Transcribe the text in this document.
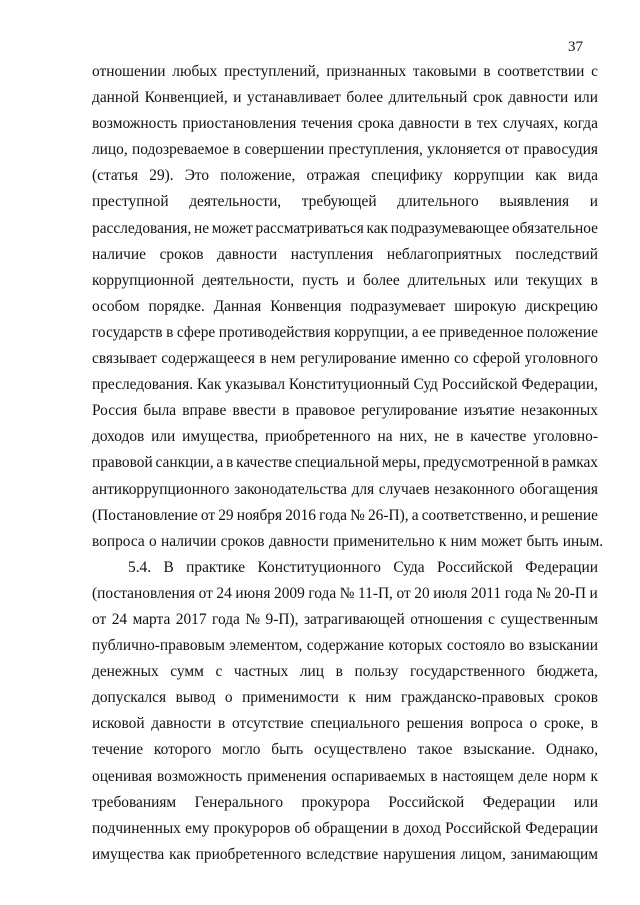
37
отношении любых преступлений, признанных таковыми в соответствии с
данной Конвенцией, и устанавливает более длительный срок давности или
возможность приостановления течения срока давности в тех случаях, когда
лицо, подозреваемое в совершении преступления, уклоняется от правосудия
(статья 29). Это положение, отражая специфику коррупции как вида
преступной деятельности, требующей длительного выявления и
расследования, не может рассматриваться как подразумевающее обязательное
наличие сроков давности наступления неблагоприятных последствий
коррупционной деятельности, пусть и более длительных или текущих в
особом порядке. Данная Конвенция подразумевает широкую дискрецию
государств в сфере противодействия коррупции, а ее приведенное положение
связывает содержащееся в нем регулирование именно со сферой уголовного
преследования. Как указывал Конституционный Суд Российской Федерации,
Россия была вправе ввести в правовое регулирование изъятие незаконных
доходов или имущества, приобретенного на них, не в качестве уголовно-
правовой санкции, а в качестве специальной меры, предусмотренной в рамках
антикоррупционного законодательства для случаев незаконного обогащения
(Постановление от 29 ноября 2016 года № 26-П), а соответственно, и решение
вопроса о наличии сроков давности применительно к ним может быть иным.
5.4. В практике Конституционного Суда Российской Федерации
(постановления от 24 июня 2009 года № 11-П, от 20 июля 2011 года № 20-П и
от 24 марта 2017 года № 9-П), затрагивающей отношения с существенным
публично-правовым элементом, содержание которых состояло во взыскании
денежных сумм с частных лиц в пользу государственного бюджета,
допускался вывод о применимости к ним гражданско-правовых сроков
исковой давности в отсутствие специального решения вопроса о сроке, в
течение которого могло быть осуществлено такое взыскание. Однако,
оценивая возможность применения оспариваемых в настоящем деле норм к
требованиям Генерального прокурора Российской Федерации или
подчиненных ему прокуроров об обращении в доход Российской Федерации
имущества как приобретенного вследствие нарушения лицом, занимающим
